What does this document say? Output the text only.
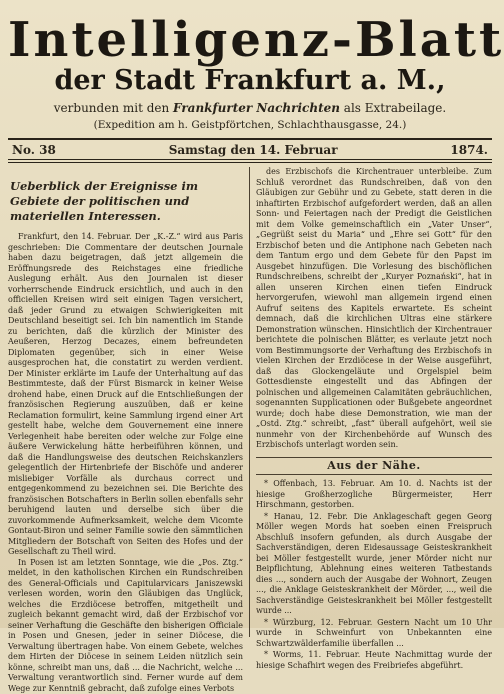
Intelligenz-Blatt
der Stadt Frankfurt a. M.,
verbunden mit den Frankfurter Nachrichten als Extrabeilage.
(Expedition am h. Geistpförtchen, Schlachthausgasse, 24.)
No. 38	Samstag den 14. Februar	1874.
Ueberblick der Ereignisse im Gebiete der politischen und materiellen Interessen.

Frankfurt, den 14. Februar. Der „K.-Z.“ wird aus Paris geschrieben: Die Commentare der deutschen Journale haben dazu beigetragen, daß jetzt allgemein die Eröffnungsrede des Reichstages eine friedliche Auslegung erhält. Aus den Journalen ist dieser vorherrschende Eindruck ersichtlich, und auch in den officiellen Kreisen wird seit einigen Tagen versichert, daß jeder Grund zu etwaigen Schwierigkeiten mit Deutschland beseitigt sei. Ich bin namentlich im Stande zu berichten, daß die kürzlich der Minister des Aeußeren, Herzog Decazes, einem befreundeten Diplomaten gegenüber, sich in einer Weise ausgesprochen hat, die constatirt zu werden verdient. Der Minister erklärte im Laufe der Unterhaltung auf das Bestimmteste, daß der Fürst Bismarck in keiner Weise drohend habe, einen Druck auf die Entschließungen der französischen Regierung auszuüben, daß er keine Reclamation formulirt, keine Sammlung irgend einer Art gestellt habe, welche dem Gouvernement eine innere Verlegenheit habe bereiten oder welche zur Folge eine äußere Verwickelung hätte herbeiführen können, und daß die Handlungsweise des deutschen Reichskanzlers gelegentlich der Hirtenbriefe der Bischöfe und anderer misliebiger Vorfälle als durchaus correct und entgegenkommend zu bezeichnen sei. Die Berichte des französischen Botschafters in Berlin sollen ebenfalls sehr beruhigend lauten und derselbe sich über die zuvorkommende Aufmerksamkeit, welche dem Vicomte Gontaut-Biron und seiner Familie sowie den sämmtlichen Mitgliedern der Botschaft von Seiten des Hofes und der Gesellschaft zu Theil wird.

In Posen ist am letzten Sonntage, wie die „Pos. Ztg.“ meldet, in den katholischen Kirchen ein Rundschreiben des General-Officials und Capitularvicars Janiszewski verlesen worden, worin den Gläubigen das Unglück, welches die Erzdiöcese betroffen, mitgetheilt und zugleich bekannt gemacht wird, daß der Erzbischof vor seiner Verhaftung die Geschäfte den bisherigen Officiale in Posen und Gnesen, jeder in seiner Diöcese, die Verwaltung übertragen habe. Von einem Gebete, welches dem Hirten der Diöcese in seinem Leiden nützlich sein könne, schreibt man uns, daß ... die Nachricht, welche ... Verwaltung verantwortlich sind. Ferner wurde auf dem Wege zur Kenntniß gebracht, daß zufolge eines Verbots

des Erzbischofs die Kirchentrauer unterbleibe. Zum Schluß verordnet das Rundschreiben, daß von den Gläubigen zur Gebühr und zu Gebete, statt deren in die inhaftirten Erzbischof aufgefordert werden, daß an allen Sonn- und Feiertagen nach der Predigt die Geistlichen mit dem Volke gemeinschaftlich ein „Vater Unser“, „Gegrüßt seist du Maria“ und „Ehre sei Gott“ für den Erzbischof beten und die Antiphone nach Gebeten nach dem Tantum ergo und dem Gebete für den Papst im Ausgebet hinzufügen. Die Vorlesung des bischöflichen Rundschreibens, schreibt der „Kuryer Poznański“, hat in allen unseren Kirchen einen tiefen Eindruck hervorgerufen, wiewohl man allgemein irgend einen Aufruf seitens des Kapitels erwartete. Es scheint demnach, daß die kirchlichen Ultras eine stärkere Demonstration wünschen. Hinsichtlich der Kirchentrauer berichtete die polnischen Blätter, es verlaute jetzt noch vom Bestimmungsorte der Verhaftung des Erzbischofs in vielen Kirchen der Erzdiöcese in der Weise ausgeführt, daß das Glockengeläute und Orgelspiel beim Gottesdienste eingestellt und das Abfingen der polnischen und allgemeinen Calamitäten gebräuchlichen, sogenannten Supplicationen oder Bußgebete angeordnet wurde; doch habe diese Demonstration, wie man der „Ostd. Ztg.“ schreibt, „fast“ überall aufgehört, weil sie nunmehr von der Kirchenbehörde auf Wunsch des Erzbischofs unterlagt worden sein.

Aus der Nähe.

* Offenbach, 13. Februar. Am 10. d. Nachts ist der hiesige Großherzogliche Bürgermeister, Herr Hirschmann, gestorben.

* Hanau, 12. Febr. Die Anklageschaft gegen Georg Möller wegen Mords hat soeben einen Freispruch Abschluß insofern gefunden, als durch Ausgabe der Sachverständigen, deren Eidesaussage Geisteskrankheit bei Möller festgestellt wurde, jener Mörder nicht nur Beipflichtung, Ablehnung eines weiteren Tatbestands dies ..., sondern auch der Ausgabe der Wohnort, Zeugen ..., die Anklage Geisteskrankheit der Mörder, ..., weil die Sachverständige Geisteskrankheit bei Möller festgestellt wurde ...

* Würzburg, 12. Februar. Gestern Nacht um 10 Uhr wurde in Schweinfurt von Unbekannten eine Schwartzwälderfamilie überfallen ...

* Worms, 11. Februar. Heute Nachmittag wurde der hiesige Schafhirt wegen des Freibriefes abgeführt.
